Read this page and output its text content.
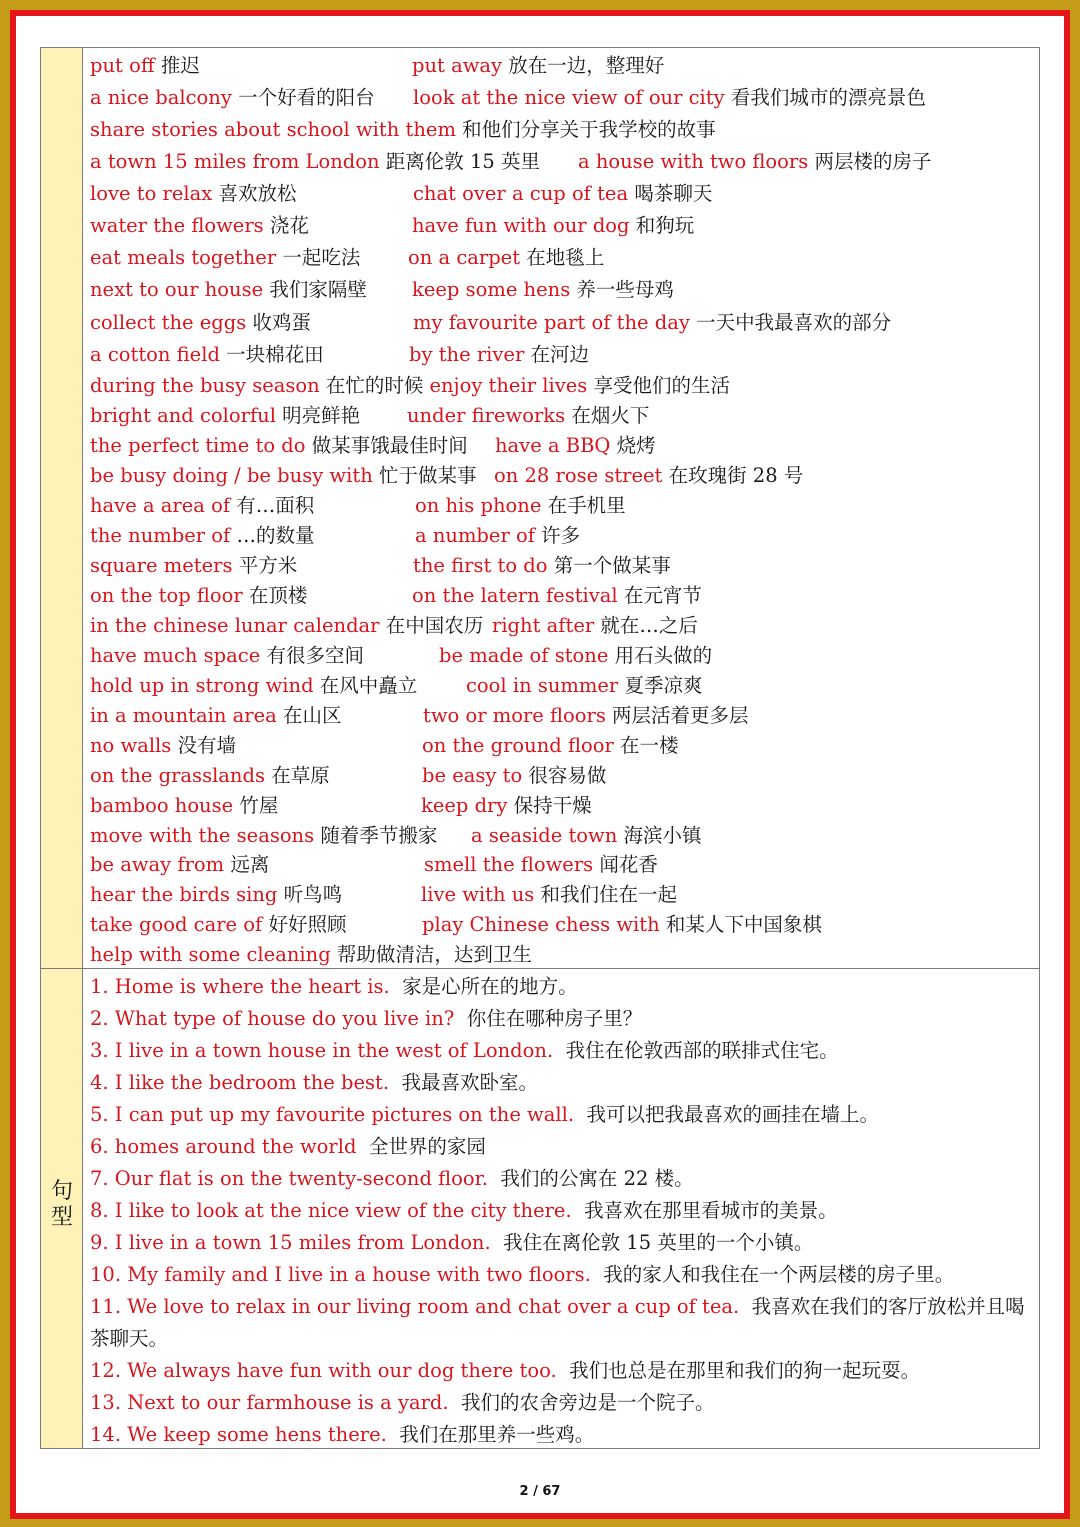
put off 推迟	put away 放在一边，整理好
a nice balcony 一个好看的阳台 look at the nice view of our city 看我们城市的漂亮景色
share stories about school with them 和他们分享关于我学校的故事
a town 15 miles from London 距离伦敦 15 英里 a house with two floors 两层楼的房子
love to relax 喜欢放松	chat over a cup of tea 喝茶聊天
water the flowers 浇花	have fun with our dog 和狗玩
eat meals together 一起吃法 on a carpet 在地毯上
next to our house 我们家隔壁 keep some hens 养一些母鸡
collect the eggs 收鸡蛋	my favourite part of the day 一天中我最喜欢的部分
a cotton field 一块棉花田	by the river 在河边
during the busy season 在忙的时候 enjoy their lives 享受他们的生活
bright and colorful 明亮鲜艳 under fireworks 在烟火下
the perfect time to do 做某事饿最佳时间 have a BBQ 烧烤
be busy doing / be busy with 忙于做某事 on 28 rose street 在玫瑰街 28 号
have a area of 有…面积	on his phone 在手机里
the number of …的数量	a number of 许多
square meters 平方米	the first to do 第一个做某事
on the top floor 在顶楼	on the latern festival 在元宵节
in the chinese lunar calendar 在中国农历 right after 就在…之后
have much space 有很多空间	be made of stone 用石头做的
hold up in strong wind 在风中矗立 cool in summer 夏季凉爽
in a mountain area 在山区	two or more floors 两层活着更多层
no walls 没有墙	on the ground floor 在一楼
on the grasslands 在草原	be easy to 很容易做
bamboo house 竹屋	keep dry 保持干燥
move with the seasons 随着季节搬家 a seaside town 海滨小镇
be away from 远离	smell the flowers 闻花香
hear the birds sing 听鸟鸣	live with us 和我们住在一起
take good care of 好好照顾	play Chinese chess with 和某人下中国象棋
help with some cleaning 帮助做清洁，达到卫生
句
型
1. Home is where the heart is. 家是心所在的地方。
2. What type of house do you live in? 你住在哪种房子里？
3. I live in a town house in the west of London. 我住在伦敦西部的联排式住宅。
4. I like the bedroom the best. 我最喜欢卧室。
5. I can put up my favourite pictures on the wall. 我可以把我最喜欢的画挂在墙上。
6. homes around the world 全世界的家园
7. Our flat is on the twenty-second floor. 我们的公寓在 22 楼。
8. I like to look at the nice view of the city there. 我喜欢在那里看城市的美景。
9. I live in a town 15 miles from London. 我住在离伦敦 15 英里的一个小镇。
10. My family and I live in a house with two floors. 我的家人和我住在一个两层楼的房子里。
11. We love to relax in our living room and chat over a cup of tea. 我喜欢在我们的客厅放松并且喝茶聊天。
12. We always have fun with our dog there too. 我们也总是在那里和我们的狗一起玩耍。
13. Next to our farmhouse is a yard. 我们的农舍旁边是一个院子。
14. We keep some hens there. 我们在那里养一些鸡。
2 / 67
